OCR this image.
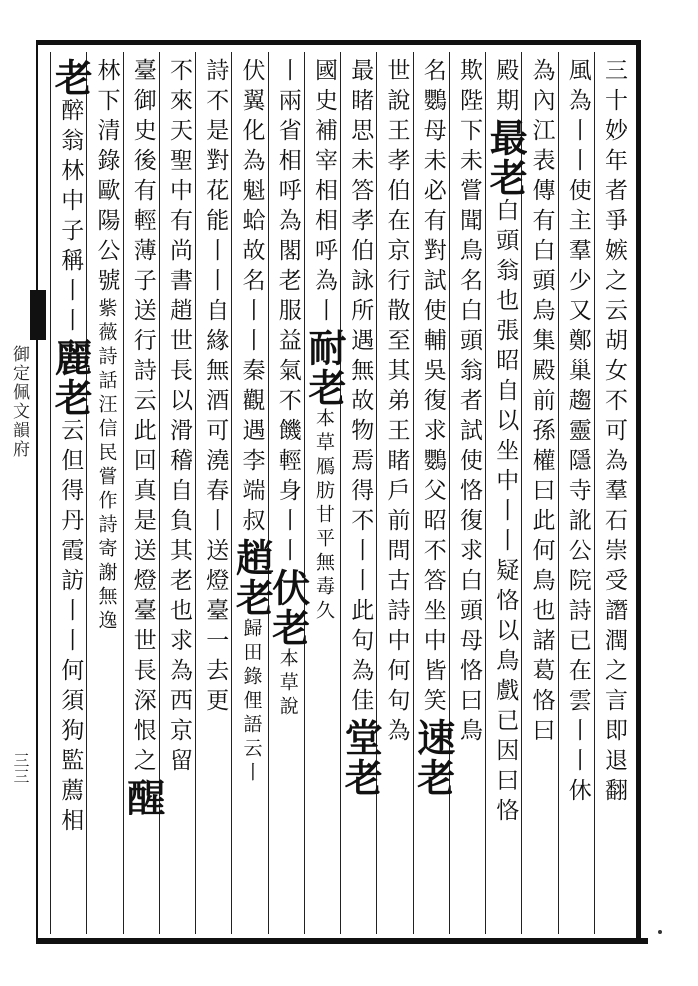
御定佩文韻府
三三	三十妙年者爭嫉之云胡女不可為羣石崇受譖潤之言即退翻
風為丨丨使主羣少又鄭巢趨靈隱寺訛公院詩已在雲丨丨休
為內江表傳有白頭烏集殿前孫權曰此何鳥也諸葛恪曰
殿期最老白頭翁也張昭自以坐中丨丨疑恪以鳥戲已因曰恪
欺陛下未嘗聞鳥名白頭翁者試使恪復求白頭母恪曰鳥
名鸚母未必有對試使輔吳復求鸚父昭不答坐中皆笑速老
世說王孝伯在京行散至其弟王睹戶前問古詩中何句為
最睹思未答孝伯詠所遇無故物焉得不丨丨此句為佳堂老
國史補宰相相呼為丨耐老本草鴈肪甘平無毒久
丨兩省相呼為閣老服益氣不饑輕身丨丨伏老本草說
伏翼化為魁蛤故名丨丨秦觀遇李端叔趙老歸田錄俚語云丨
詩不是對花能丨丨自緣無酒可澆春丨送燈臺一去更
不來天聖中有尚書趙世長以滑稽自負其老也求為西京留
臺御史後有輕薄子送行詩云此回真是送燈臺世長深恨之醒
林下清錄歐陽公號紫薇詩話汪信民嘗作詩寄謝無逸
老醉翁林中子稱丨丨麗老云但得丹霞訪丨丨何須狗監薦相
